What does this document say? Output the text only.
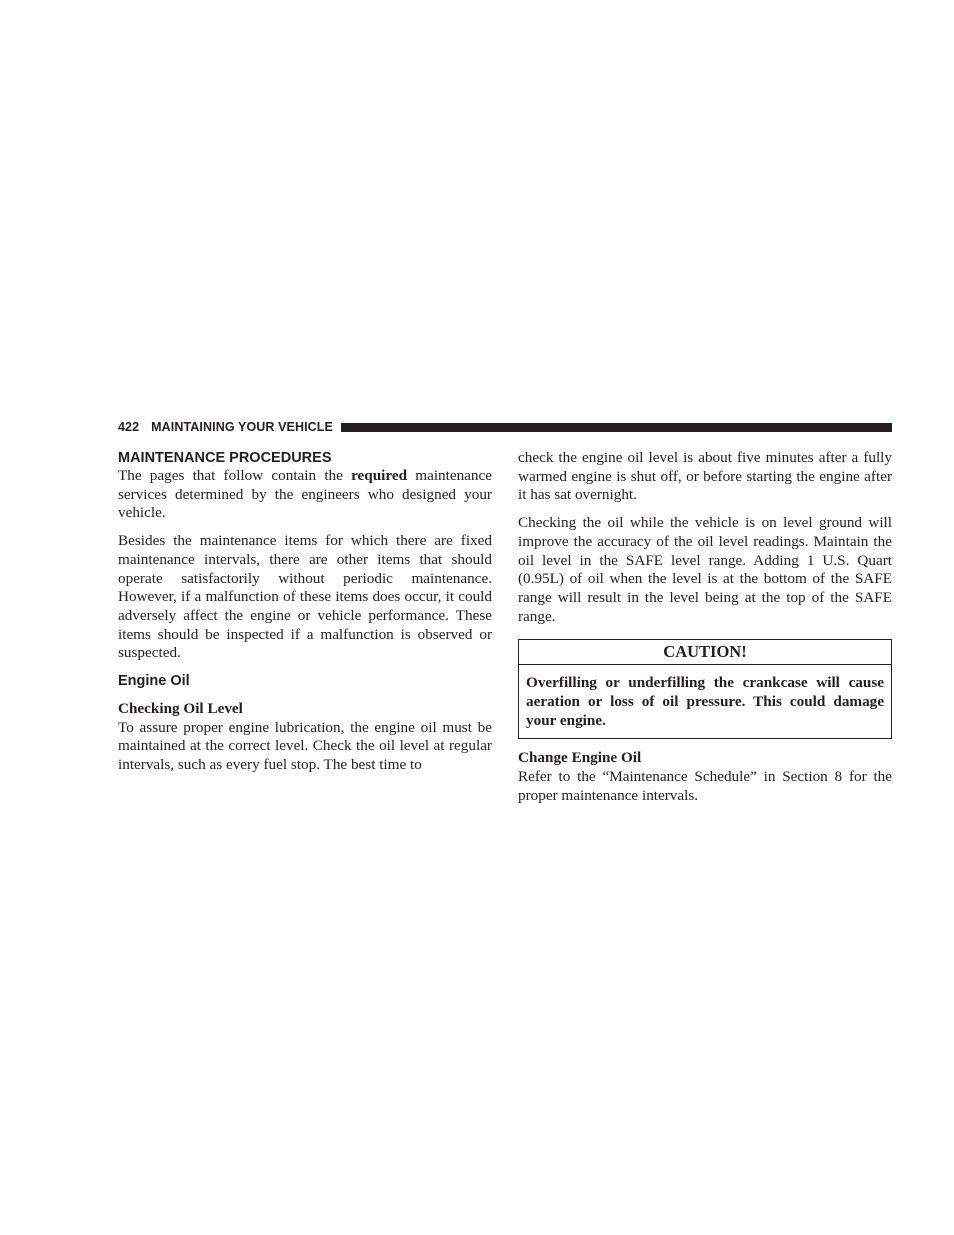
422 MAINTAINING YOUR VEHICLE
MAINTENANCE PROCEDURES

The pages that follow contain the required maintenance services determined by the engineers who designed your vehicle.

Besides the maintenance items for which there are fixed maintenance intervals, there are other items that should operate satisfactorily without periodic maintenance. However, if a malfunction of these items does occur, it could adversely affect the engine or vehicle performance. These items should be inspected if a malfunction is observed or suspected.

Engine Oil
Checking Oil Level

To assure proper engine lubrication, the engine oil must be maintained at the correct level. Check the oil level at regular intervals, such as every fuel stop. The best time to

check the engine oil level is about five minutes after a fully warmed engine is shut off, or before starting the engine after it has sat overnight.

Checking the oil while the vehicle is on level ground will improve the accuracy of the oil level readings. Maintain the oil level in the SAFE level range. Adding 1 U.S. Quart (0.95L) of oil when the level is at the bottom of the SAFE range will result in the level being at the top of the SAFE range.

CAUTION!
Overfilling or underfilling the crankcase will cause aeration or loss of oil pressure. This could damage your engine.
Change Engine Oil

Refer to the “Maintenance Schedule” in Section 8 for the proper maintenance intervals.
